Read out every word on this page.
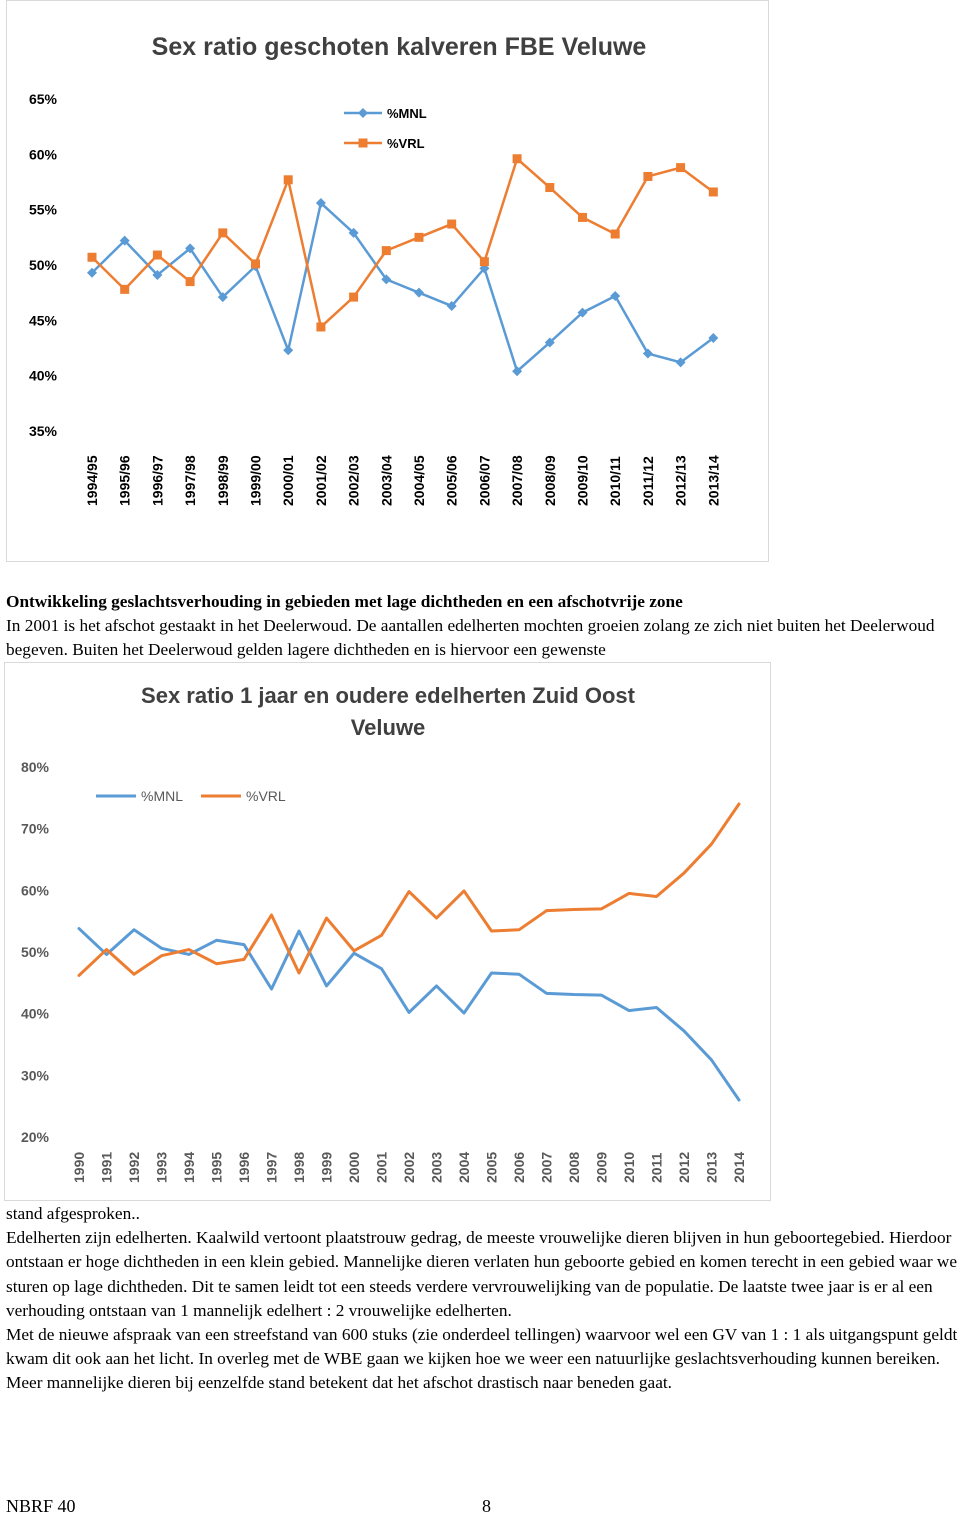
Sex ratio geschoten kalveren FBE Veluwe
65%
60%
55%
50%
45%
40%
35%
1994/95 1995/96 1996/97 1997/98 1998/99 1999/00 2000/01 2001/02 2002/03 2003/04 2004/05 2005/06 2006/07 2007/08 2008/09 2009/10 2010/11 2011/12 2012/13 2013/14
%MNL
%VRL

Ontwikkeling geslachtsverhouding in gebieden met lage dichtheden en een afschotvrije zone

In 2001 is het afschot gestaakt in het Deelerwoud. De aantallen edelherten mochten groeien zolang ze zich niet buiten het Deelerwoud begeven. Buiten het Deelerwoud gelden lagere dichtheden en is hiervoor een gewenste

Sex ratio 1 jaar en oudere edelherten Zuid Oost
Veluwe
80%
70%
60%
50%
40%
30%
20%
1990 1991 1992 1993 1994 1995 1996 1997 1998 1999 2000 2001 2002 2003 2004 2005 2006 2007 2008 2009 2010 2011 2012 2013 2014
%MNL	%VRL

stand afgesproken..

Edelherten zijn edelherten. Kaalwild vertoont plaatstrouw gedrag, de meeste vrouwelijke dieren blijven in hun geboortegebied. Hierdoor ontstaan er hoge dichtheden in een klein gebied. Mannelijke dieren verlaten hun geboorte gebied en komen terecht in een gebied waar we sturen op lage dichtheden. Dit te samen leidt tot een steeds verdere vervrouwelijking van de populatie. De laatste twee jaar is er al een verhouding ontstaan van 1 mannelijk edelhert : 2 vrouwelijke edelherten.

Met de nieuwe afspraak van een streefstand van 600 stuks (zie onderdeel tellingen) waarvoor wel een GV van 1 : 1 als uitgangspunt geldt kwam dit ook aan het licht. In overleg met de WBE gaan we kijken hoe we weer een natuurlijke geslachtsverhouding kunnen bereiken. Meer mannelijke dieren bij eenzelfde stand betekent dat het afschot drastisch naar beneden gaat.

NBRF 40	8
